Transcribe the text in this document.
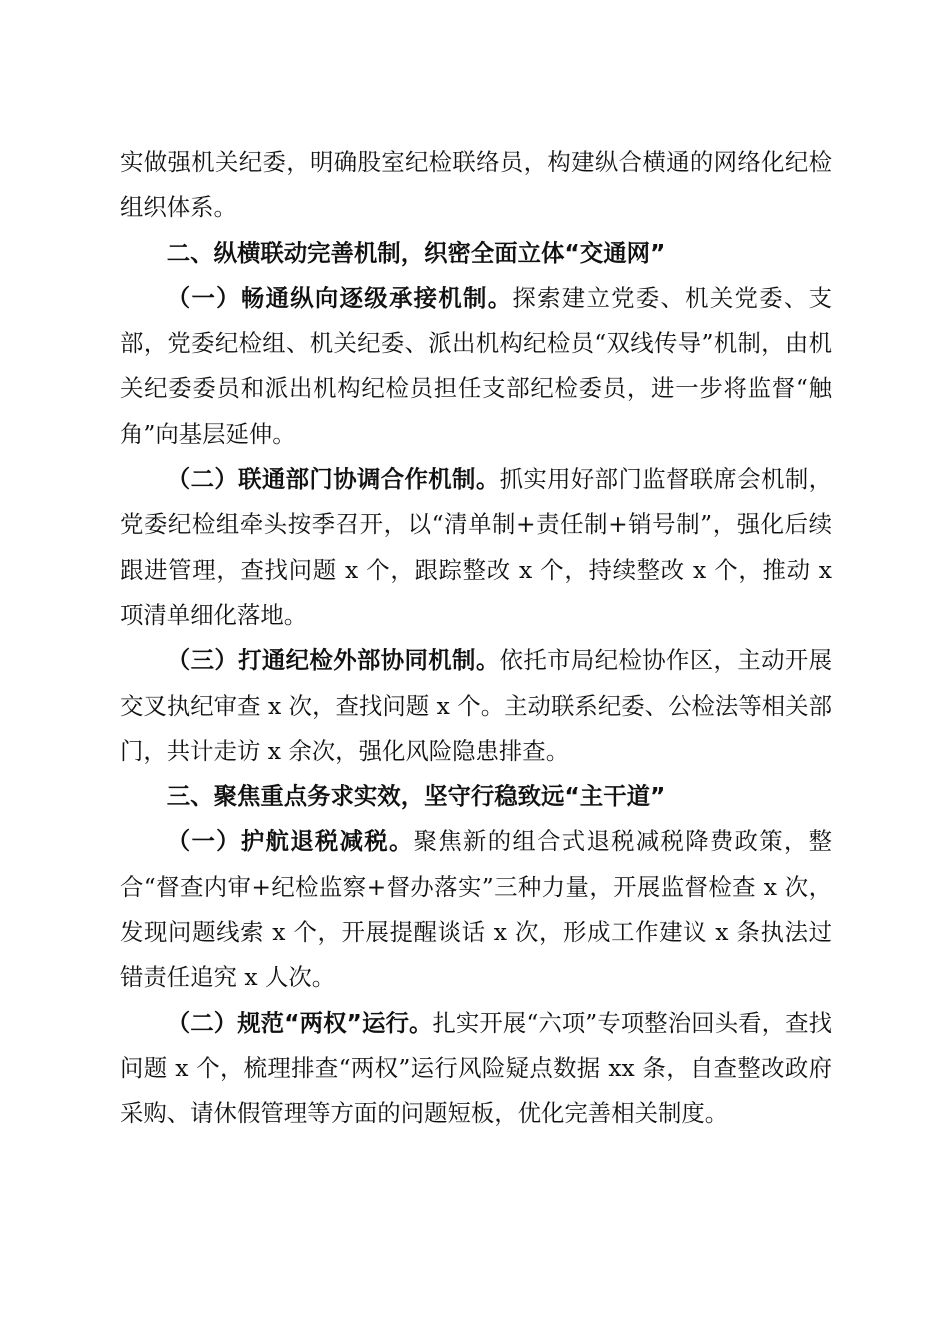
实做强机关纪委，明确股室纪检联络员，构建纵合横通的网络化纪检组织体系。

二、纵横联动完善机制，织密全面立体“交通网”

（一）畅通纵向逐级承接机制。探索建立党委、机关党委、支部，党委纪检组、机关纪委、派出机构纪检员“双线传导”机制，由机关纪委委员和派出机构纪检员担任支部纪检委员，进一步将监督“触角”向基层延伸。

（二）联通部门协调合作机制。抓实用好部门监督联席会机制，党委纪检组牵头按季召开，以“清单制+责任制+销号制”，强化后续跟进管理，查找问题 x 个，跟踪整改 x 个，持续整改 x 个，推动 x 项清单细化落地。

（三）打通纪检外部协同机制。依托市局纪检协作区，主动开展交叉执纪审查 x 次，查找问题 x 个。主动联系纪委、公检法等相关部门，共计走访 x 余次，强化风险隐患排查。

三、聚焦重点务求实效，坚守行稳致远“主干道”

（一）护航退税减税。聚焦新的组合式退税减税降费政策，整合“督查内审+纪检监察+督办落实”三种力量，开展监督检查 x 次，发现问题线索 x 个，开展提醒谈话 x 次，形成工作建议 x 条执法过错责任追究 x 人次。

（二）规范“两权”运行。扎实开展“六项”专项整治回头看，查找问题 x 个，梳理排查“两权”运行风险疑点数据 xx 条，自查整改政府采购、请休假管理等方面的问题短板，优化完善相关制度。
